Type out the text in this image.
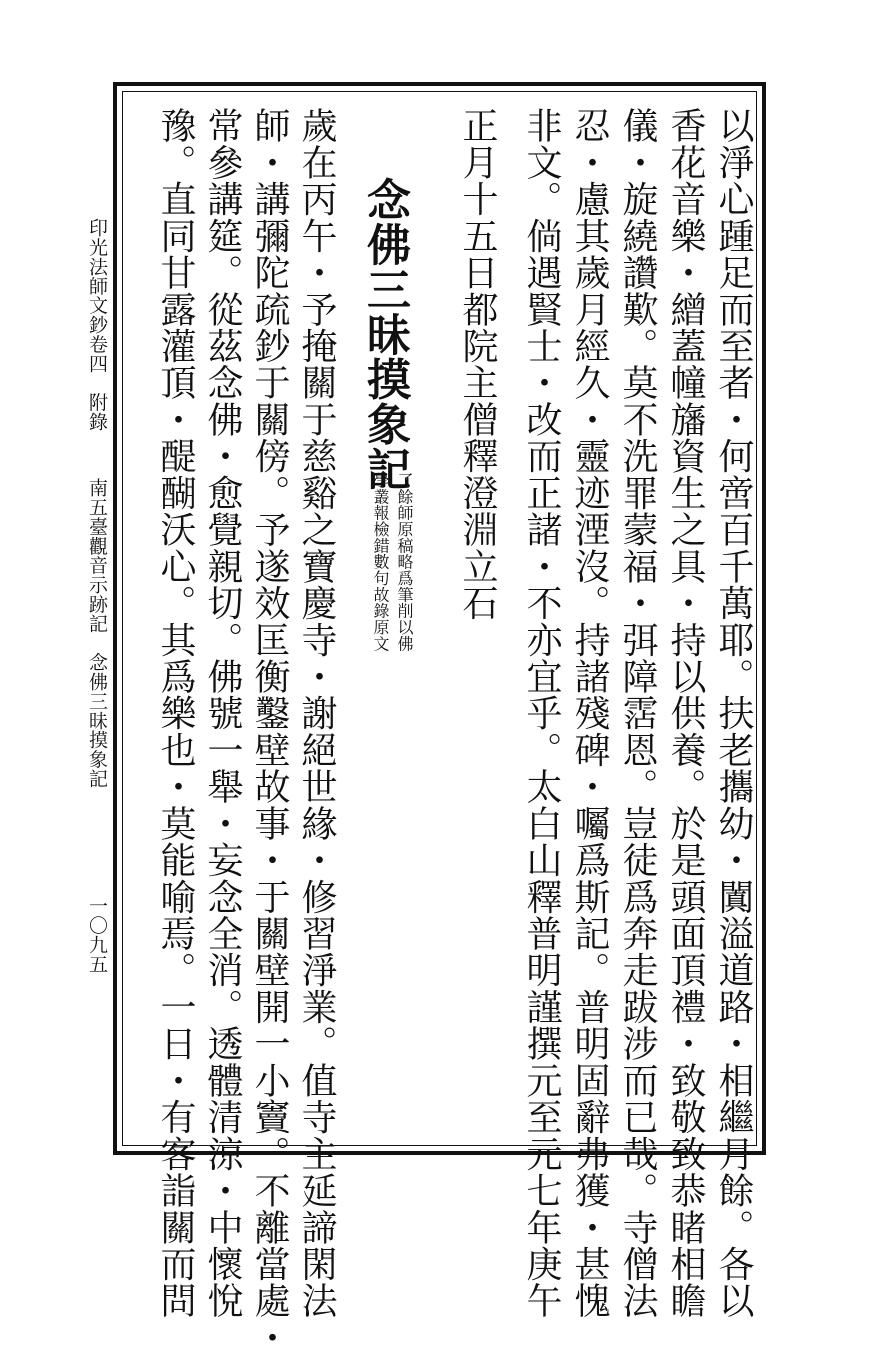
以淨心踵足而至者・何啻百千萬耶。扶老攜幼・闐溢道路・相繼月餘。各以
香花音樂・繒蓋幢旛資生之具・持以供養。於是頭面頂禮・致敬致恭睹相瞻
儀・旋繞讚歎。莫不洗罪蒙福・弭障霑恩。豈徒爲奔走跋涉而已哉。寺僧法
忍・慮其歲月經久・靈迹湮沒。持諸殘碑・囑爲斯記。普明固辭弗獲・甚愧
非文。倘遇賢士・改而正諸・不亦宜乎。太白山釋普明謹撰元至元七年庚午
正月十五日都院主僧釋澄淵立石
念佛三昧摸象記
了餘師原稿略爲筆削以佛
學叢報檢錯數句故錄原文
歲在丙午・予掩關于慈谿之寶慶寺・謝絕世緣・修習淨業。值寺主延諦閑法
師・講彌陀疏鈔于關傍。予遂效匡衡鑿壁故事・于關壁開一小竇。不離當處・
常參講筵。從茲念佛・愈覺親切。佛號一舉・妄念全消。透體清涼・中懷悅
豫。直同甘露灌頂・醍醐沃心。其爲樂也・莫能喻焉。一日・有客詣關而問
印光法師文鈔卷四　附錄
南五臺觀音示跡記　念佛三昧摸象記
一〇九五
